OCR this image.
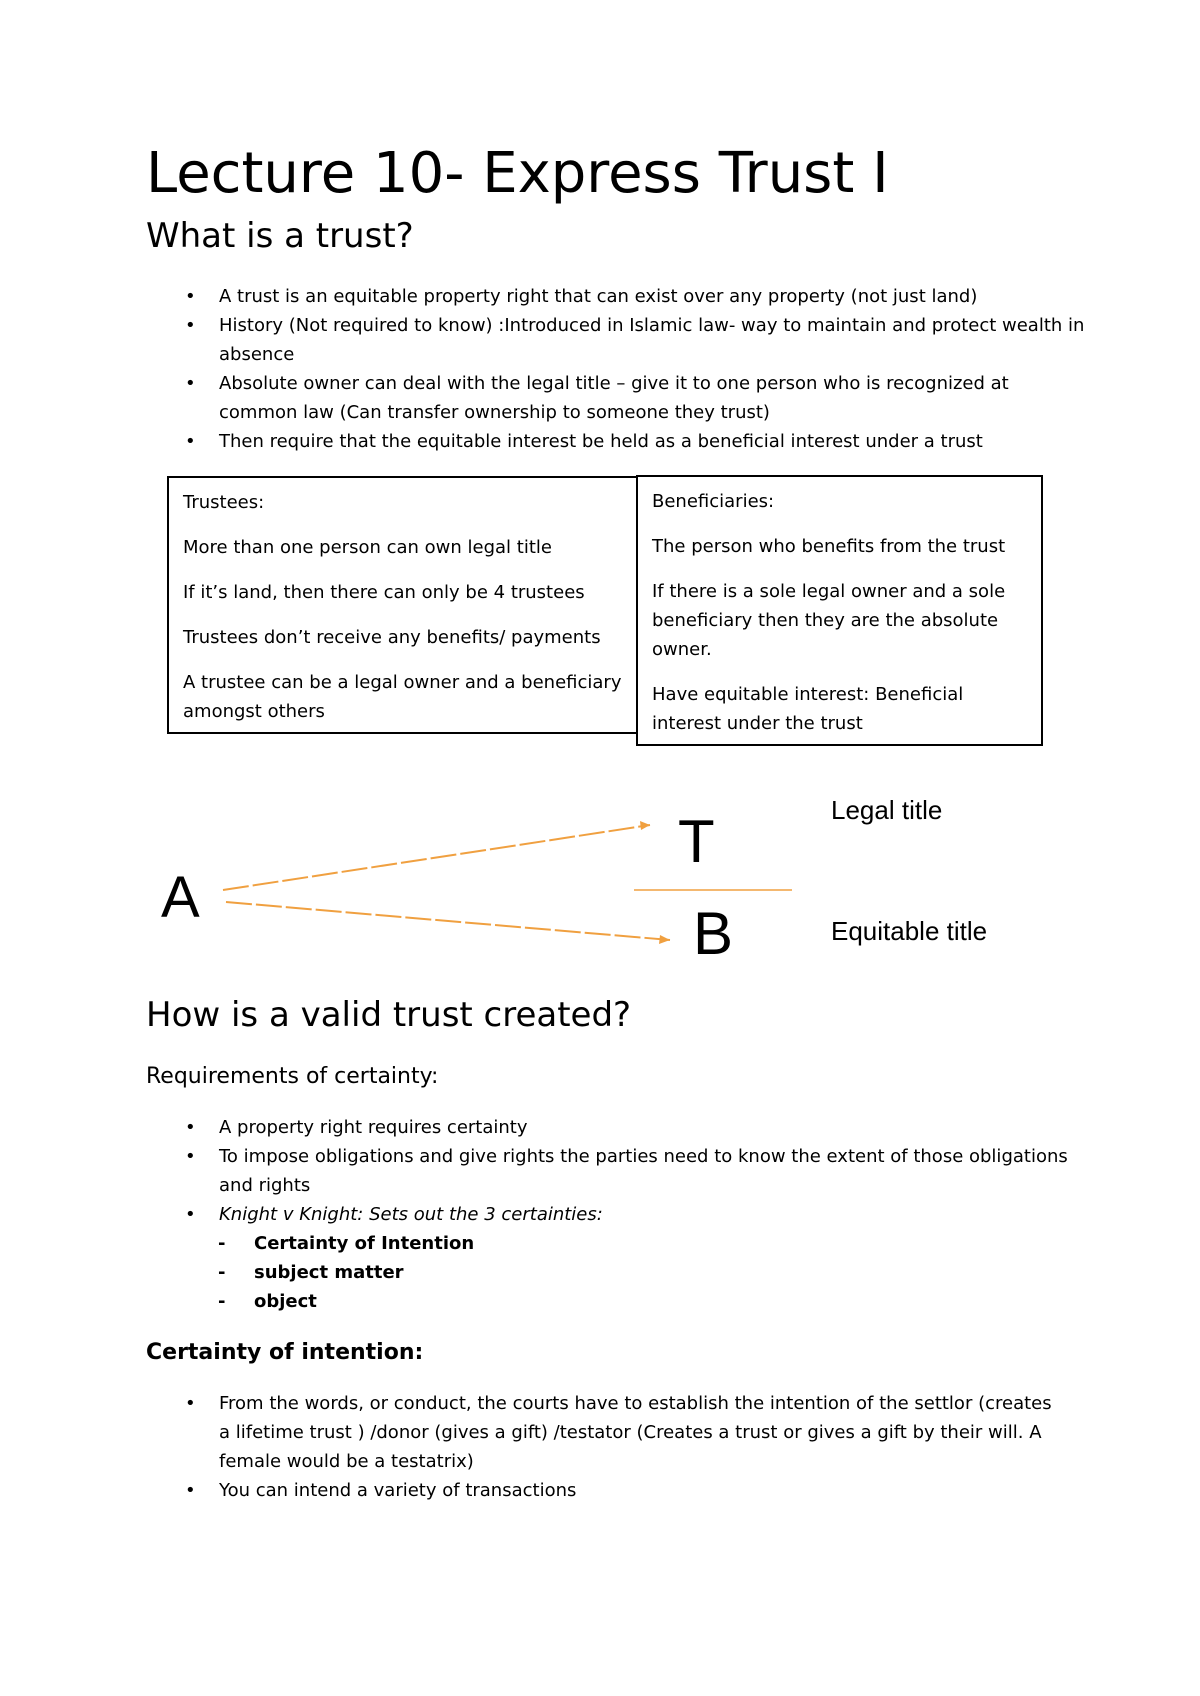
Lecture 10- Express Trust I
What is a trust?
• A trust is an equitable property right that can exist over any property (not just land)
• History (Not required to know) :Introduced in Islamic law- way to maintain and protect wealth in absence
• Absolute owner can deal with the legal title – give it to one person who is recognized at common law (Can transfer ownership to someone they trust)
• Then require that the equitable interest be held as a beneficial interest under a trust

Trustees:

More than one person can own legal title

If it’s land, then there can only be 4 trustees

Trustees don’t receive any benefits/ payments

A trustee can be a legal owner and a beneficiary amongst others

Beneficiaries:

The person who benefits from the trust

If there is a sole legal owner and a sole beneficiary then they are the absolute owner.

Have equitable interest: Beneficial interest under the trust

A
T
B
Legal title
Equitable title
How is a valid trust created?
Requirements of certainty:
• A property right requires certainty
• To impose obligations and give rights the parties need to know the extent of those obligations and rights
• Knight v Knight: Sets out the 3 certainties:
- Certainty of Intention
- subject matter
- object
Certainty of intention:
• From the words, or conduct, the courts have to establish the intention of the settlor (creates a lifetime trust ) /donor (gives a gift) /testator (Creates a trust or gives a gift by their will. A female would be a testatrix)
• You can intend a variety of transactions
